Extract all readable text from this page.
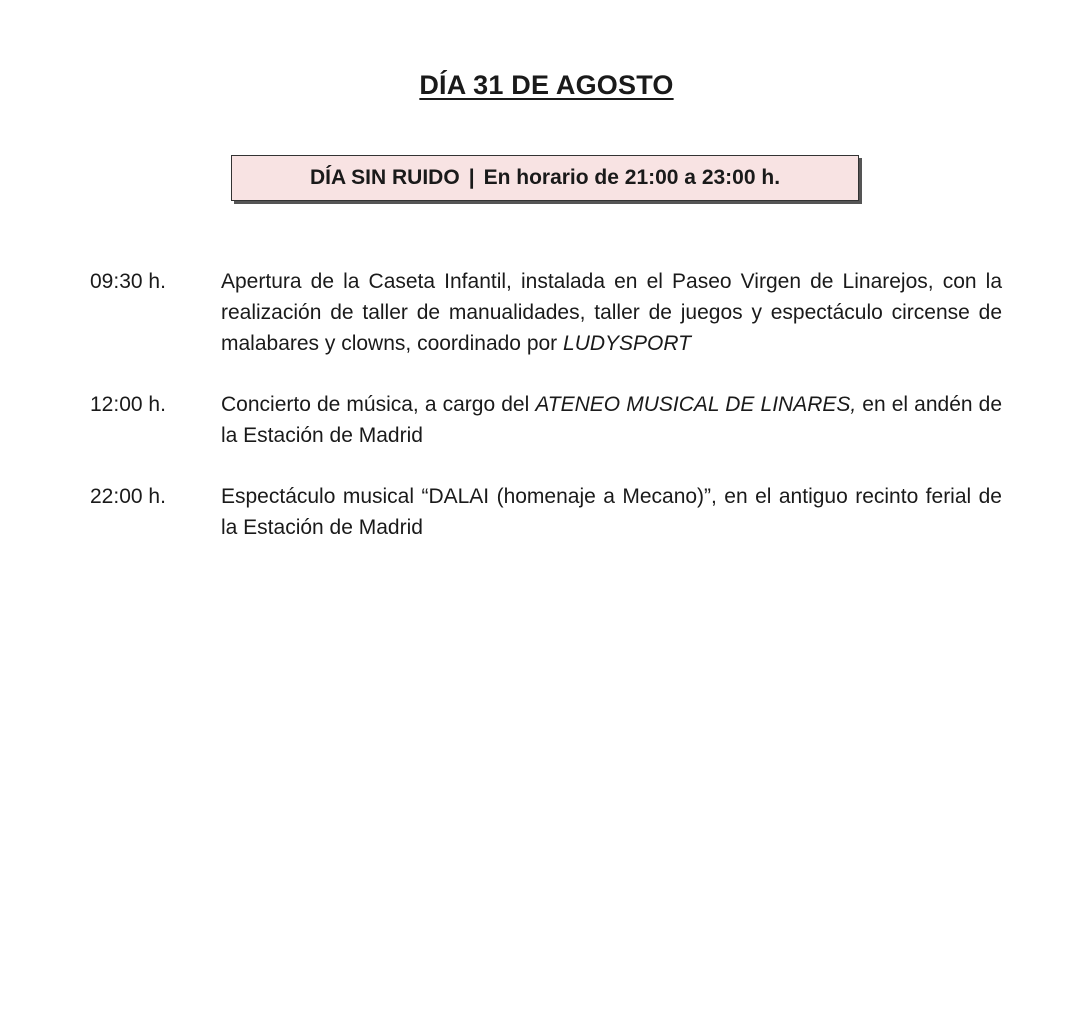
DÍA 31 DE AGOSTO
DÍA SIN RUIDO | En horario de 21:00 a 23:00 h.
09:30 h.	Apertura de la Caseta Infantil, instalada en el Paseo Virgen de Linarejos, con la realización de taller de manualidades, taller de juegos y espectáculo circense de malabares y clowns, coordinado por LUDYSPORT
12:00 h.	Concierto de música, a cargo del ATENEO MUSICAL DE LINARES, en el andén de la Estación de Madrid
22:00 h.	Espectáculo musical “DALAI (homenaje a Mecano)”, en el antiguo recinto ferial de la Estación de Madrid
